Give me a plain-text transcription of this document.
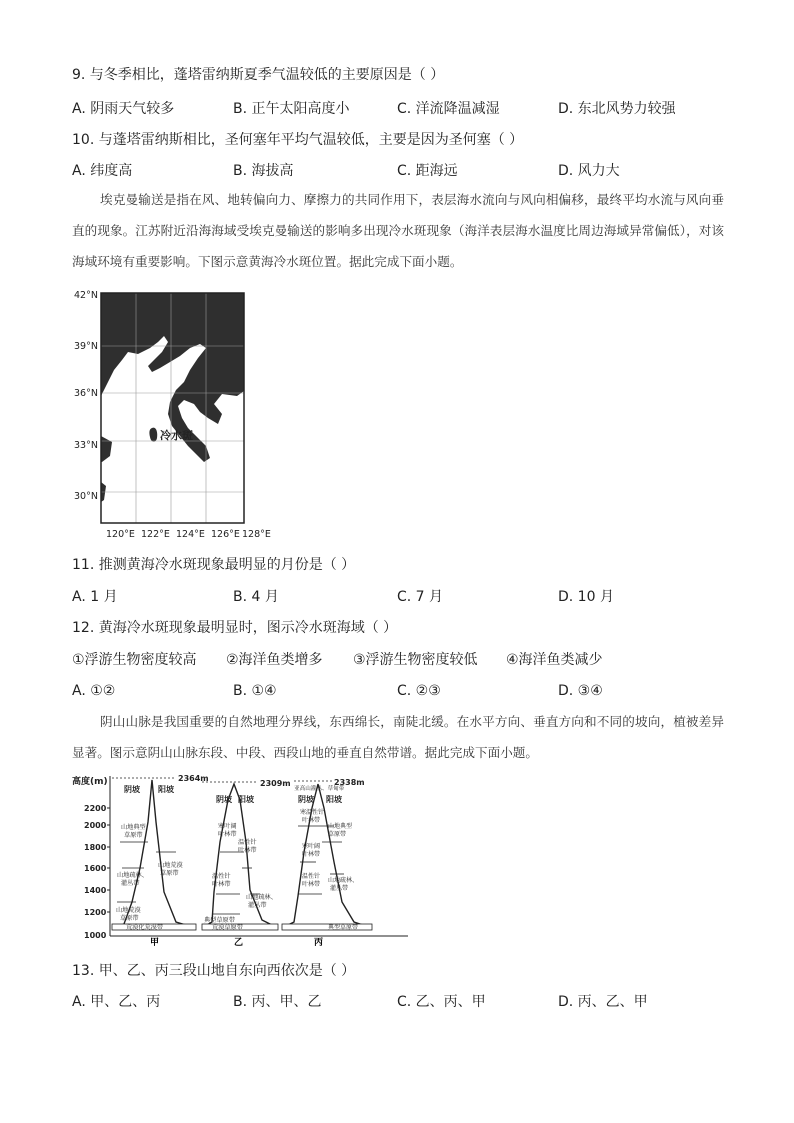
9. 与冬季相比，蓬塔雷纳斯夏季气温较低的主要原因是（ ）
A. 阴雨天气较多	B. 正午太阳高度小	C. 洋流降温减湿	D. 东北风势力较强
10. 与蓬塔雷纳斯相比，圣何塞年平均气温较低，主要是因为圣何塞（ ）
A. 纬度高	B. 海拔高	C. 距海远	D. 风力大

埃克曼输送是指在风、地转偏向力、摩擦力的共同作用下，表层海水流向与风向相偏移，最终平均水流与风向垂直的现象。江苏附近沿海海域受埃克曼输送的影响多出现冷水斑现象（海洋表层海水温度比周边海域异常偏低），对该海域环境有重要影响。下图示意黄海冷水斑位置。据此完成下面小题。

42°N
39°N
36°N
33°N
30°N
120°E 122°E 124°E 126°E 128°E
冷水斑
11. 推测黄海冷水斑现象最明显的月份是（ ）
A. 1 月	B. 4 月	C. 7 月	D. 10 月
12. 黄海冷水斑现象最明显时，图示冷水斑海域（ ）
①浮游生物密度较高 ②海洋鱼类增多 ③浮游生物密度较低 ④海洋鱼类减少
A. ①②	B. ①④	C. ②③	D. ③④

阴山山脉是我国重要的自然地理分界线，东西绵长，南陡北缓。在水平方向、垂直方向和不同的坡向，植被差异显著。图示意阴山山脉东段、中段、西段山地的垂直自然带谱。据此完成下面小题。

高度(m)
2200
2000
1800
1600
1400
1200
1000
2364m
2309m	2338m
阴坡 阳坡
山地典型
草原带
山地疏林、
灌丛带
山地荒漠
草原带
山地荒漠
草原带
荒漠化荒漠带
甲
阴坡 阳坡
寒叶阔
叶林带
温性针
叶林带
温性针
叶林带
山地疏林、
灌丛带
典型草原带
荒漠草原带
乙
亚高山灌丛、草甸带
阴坡 阳坡
寒温性针
叶林带
山地典型
草原带
寒叶阔
叶林带
温性针
叶林带
山地疏林、
灌丛带
典型草原带
丙
13. 甲、乙、丙三段山地自东向西依次是（ ）
A. 甲、乙、丙	B. 丙、甲、乙	C. 乙、丙、甲	D. 丙、乙、甲
